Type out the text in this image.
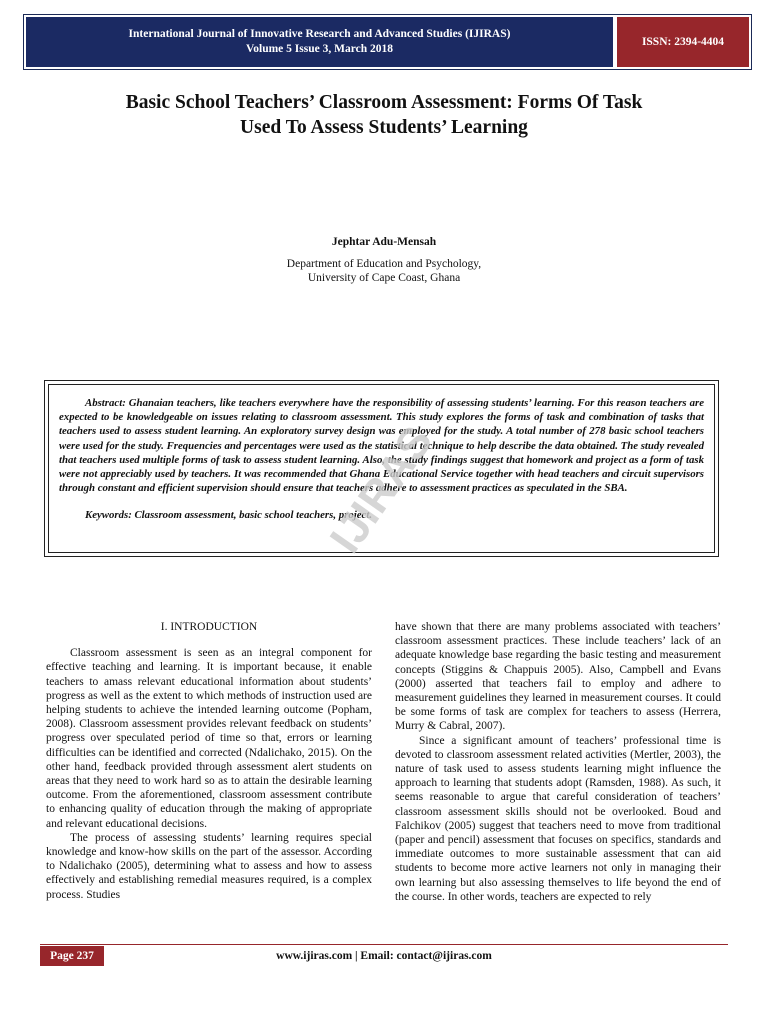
International Journal of Innovative Research and Advanced Studies (IJIRAS)
Volume 5 Issue 3, March 2018
ISSN: 2394-4404
Basic School Teachers’ Classroom Assessment: Forms Of Task
Used To Assess Students’ Learning
Jephtar Adu-Mensah
Department of Education and Psychology,
University of Cape Coast, Ghana

Abstract: Ghanaian teachers, like teachers everywhere have the responsibility of assessing students’ learning. For this reason teachers are expected to be knowledgeable on issues relating to classroom assessment. This study explores the forms of task and combination of tasks that teachers used to assess student learning. An exploratory survey design was employed for the study. A total number of 278 basic school teachers were used for the study. Frequencies and percentages were used as the statistical technique to help describe the data obtained. The study revealed that teachers used multiple forms of task to assess student learning. Also, the study findings suggest that homework and project as a form of task were not appreciably used by teachers. It was recommended that Ghana Educational Service together with head teachers and circuit supervisors through constant and efficient supervision should ensure that teachers adhere to assessment practices as speculated in the SBA.

Keywords: Classroom assessment, basic school teachers, project.

IJIRAS
I. INTRODUCTION

Classroom assessment is seen as an integral component for effective teaching and learning. It is important because, it enable teachers to amass relevant educational information about students’ progress as well as the extent to which methods of instruction used are helping students to achieve the intended learning outcome (Popham, 2008). Classroom assessment provides relevant feedback on students’ progress over speculated period of time so that, errors or learning difficulties can be identified and corrected (Ndalichako, 2015). On the other hand, feedback provided through assessment alert students on areas that they need to work hard so as to attain the desirable learning outcome. From the aforementioned, classroom assessment contribute to enhancing quality of education through the making of appropriate and relevant educational decisions.

The process of assessing students’ learning requires special knowledge and know-how skills on the part of the assessor. According to Ndalichako (2005), determining what to assess and how to assess effectively and establishing remedial measures required, is a complex process. Studies

have shown that there are many problems associated with teachers’ classroom assessment practices. These include teachers’ lack of an adequate knowledge base regarding the basic testing and measurement concepts (Stiggins & Chappuis 2005). Also, Campbell and Evans (2000) asserted that teachers fail to employ and adhere to measurement guidelines they learned in measurement courses. It could be some forms of task are complex for teachers to assess (Herrera, Murry & Cabral, 2007).

Since a significant amount of teachers’ professional time is devoted to classroom assessment related activities (Mertler, 2003), the nature of task used to assess students learning might influence the approach to learning that students adopt (Ramsden, 1988). As such, it seems reasonable to argue that careful consideration of teachers’ classroom assessment skills should not be overlooked. Boud and Falchikov (2005) suggest that teachers need to move from traditional (paper and pencil) assessment that focuses on specifics, standards and immediate outcomes to more sustainable assessment that can aid students to become more active learners not only in managing their own learning but also assessing themselves to life beyond the end of the course. In other words, teachers are expected to rely

Page 237	www.ijiras.com | Email: contact@ijiras.com
